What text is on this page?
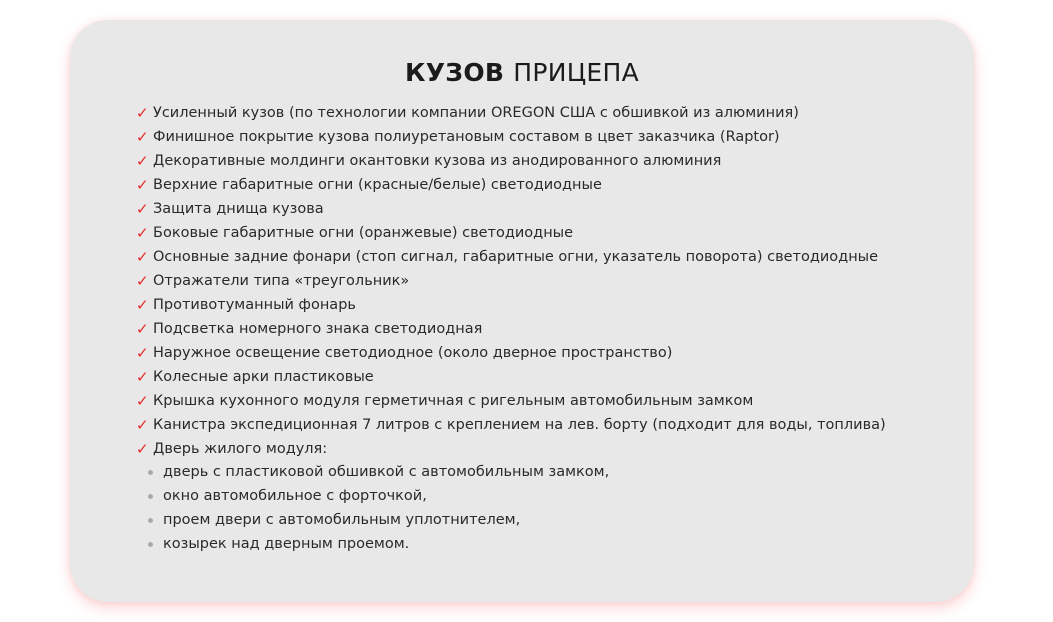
КУЗОВ ПРИЦЕПА
✓ Усиленный кузов (по технологии компании OREGON США с обшивкой из алюминия)
✓ Финишное покрытие кузова полиуретановым составом в цвет заказчика (Raptor)
✓ Декоративные молдинги окантовки кузова из анодированного алюминия
✓ Верхние габаритные огни (красные/белые) светодиодные
✓ Защита днища кузова
✓ Боковые габаритные огни (оранжевые) светодиодные
✓ Основные задние фонари (стоп сигнал, габаритные огни, указатель поворота) светодиодные
✓ Отражатели типа «треугольник»
✓ Противотуманный фонарь
✓ Подсветка номерного знака светодиодная
✓ Наружное освещение светодиодное (около дверное пространство)
✓ Колесные арки пластиковые
✓ Крышка кухонного модуля герметичная с ригельным автомобильным замком
✓ Канистра экспедиционная 7 литров с креплением на лев. борту (подходит для воды, топлива)
✓ Дверь жилого модуля:
дверь с пластиковой обшивкой с автомобильным замком,
окно автомобильное с форточкой,
проем двери с автомобильным уплотнителем,
козырек над дверным проемом.
